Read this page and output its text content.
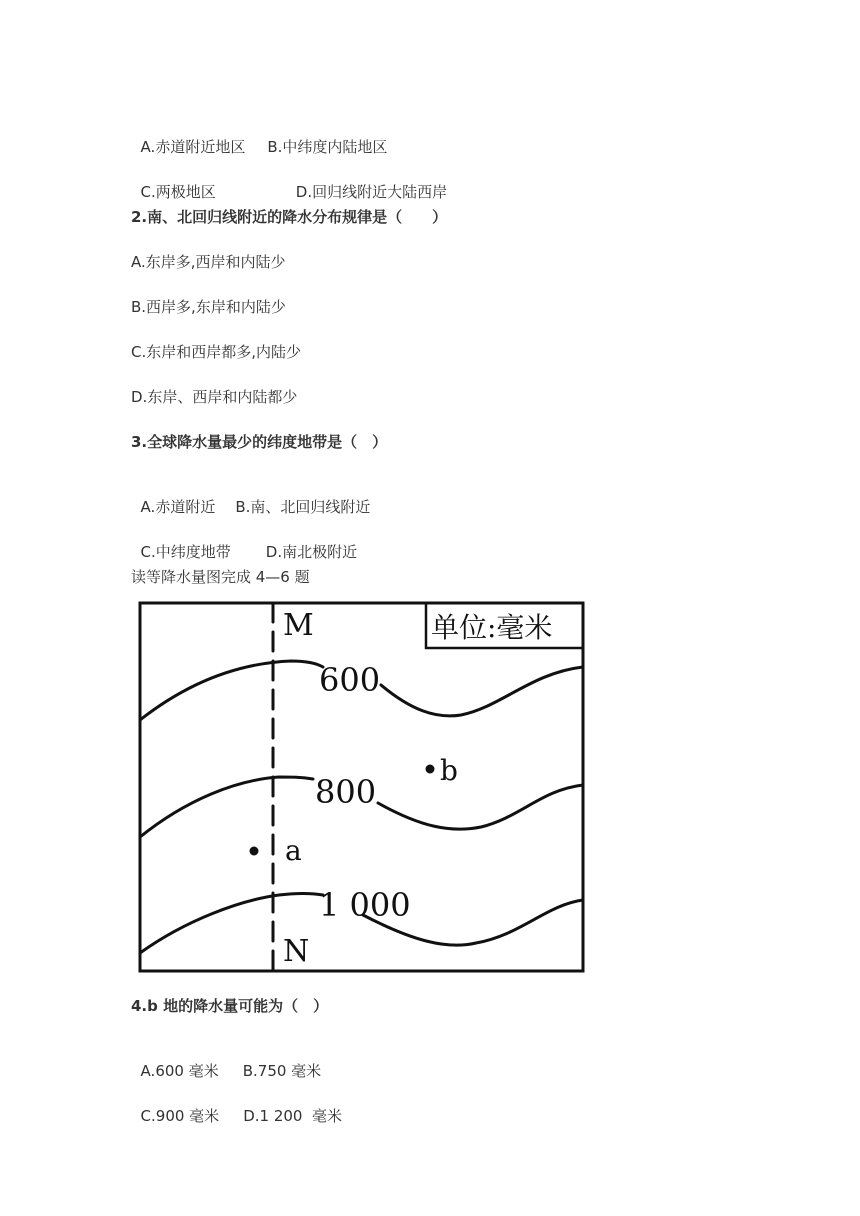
A.赤道附近地区 B.中纬度内陆地区

C.两极地区	D.回归线附近大陆西岸

2.南、北回归线附近的降水分布规律是（　　）
A.东岸多,西岸和内陆少
B.西岸多,东岸和内陆少
C.东岸和西岸都多,内陆少
D.东岸、西岸和内陆都少
3.全球降水量最少的纬度地带是（　）

A.赤道附近 B.南、北回归线附近

C.中纬度地带 D.南北极附近

读等降水量图完成 4—6 题
单位:毫米
M
N
600
800
1 000
a
b
4.b 地的降水量可能为（　）

A.600 毫米 B.750 毫米

C.900 毫米 D.1 200  毫米
